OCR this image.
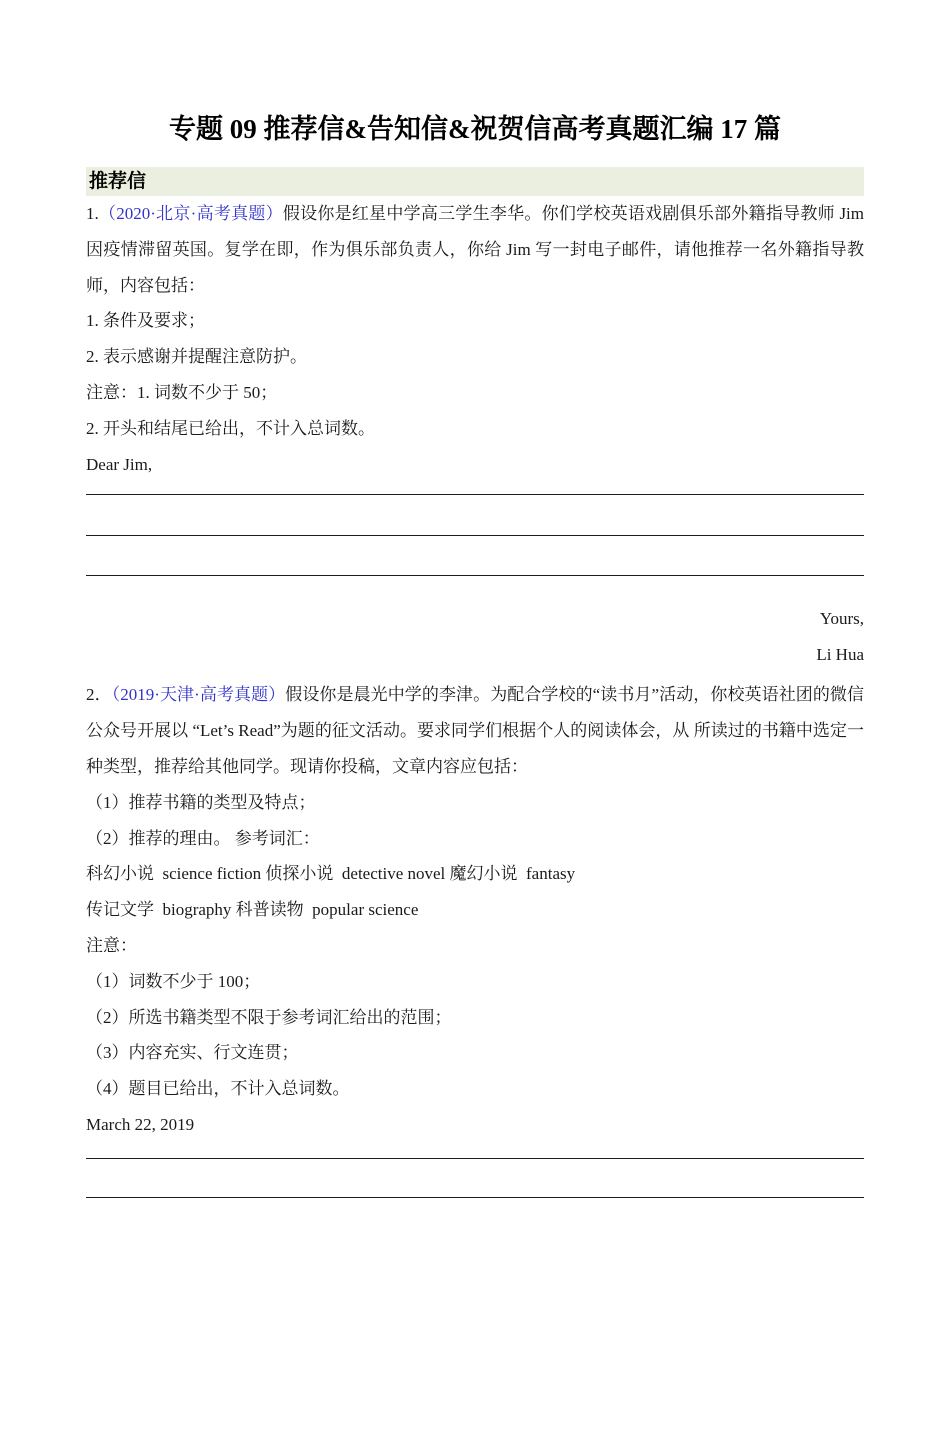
专题 09 推荐信&告知信&祝贺信高考真题汇编 17 篇
推荐信
1.（2020·北京·高考真题）假设你是红星中学高三学生李华。你们学校英语戏剧俱乐部外籍指导教师 Jim 因疫情滞留英国。复学在即，作为俱乐部负责人，你给 Jim 写一封电子邮件，请他推荐一名外籍指导教师，内容包括：
1. 条件及要求；
2. 表示感谢并提醒注意防护。
注意：1. 词数不少于 50；
2. 开头和结尾已给出，不计入总词数。
Dear Jim,
Yours,
Li Hua
2．（2019·天津·高考真题）假设你是晨光中学的李津。为配合学校的“读书月”活动，你校英语社团的微信 公众号开展以 “Let’s Read”为题的征文活动。要求同学们根据个人的阅读体会，从 所读过的书籍中选定一种类型，推荐给其他同学。现请你投稿，文章内容应包括：
（1）推荐书籍的类型及特点；
（2）推荐的理由。 参考词汇：
科幻小说  science fiction 侦探小说  detective novel 魔幻小说  fantasy
传记文学  biography 科普读物  popular science
注意：
（1）词数不少于 100；
（2）所选书籍类型不限于参考词汇给出的范围；
（3）内容充实、行文连贯；
（4）题目已给出，不计入总词数。
March 22, 2019
